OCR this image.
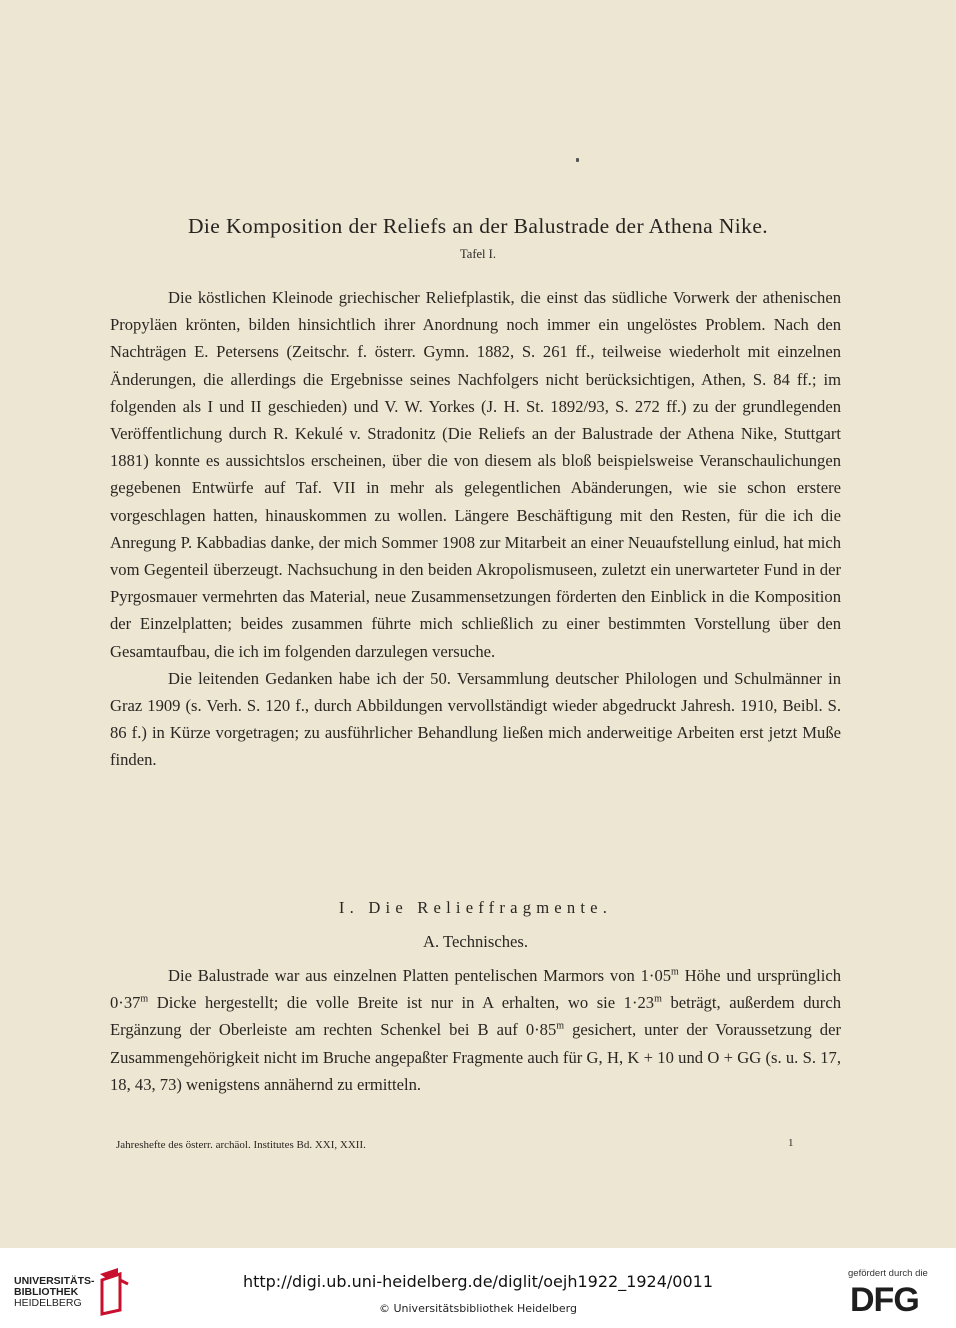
Die Komposition der Reliefs an der Balustrade der Athena Nike.
Tafel I.

Die köstlichen Kleinode griechischer Reliefplastik, die einst das südliche Vorwerk der athenischen Propyläen krönten, bilden hinsichtlich ihrer Anordnung noch immer ein ungelöstes Problem. Nach den Nachträgen E. Petersens (Zeitschr. f. österr. Gymn. 1882, S. 261 ff., teilweise wiederholt mit einzelnen Änderungen, die allerdings die Ergebnisse seines Nachfolgers nicht berücksichtigen, Athen, S. 84 ff.; im folgenden als I und II geschieden) und V. W. Yorkes (J. H. St. 1892/93, S. 272 ff.) zu der grundlegenden Veröffentlichung durch R. Kekulé v. Stradonitz (Die Reliefs an der Balustrade der Athena Nike, Stuttgart 1881) konnte es aussichtslos erscheinen, über die von diesem als bloß beispielsweise Veranschaulichungen gegebenen Entwürfe auf Taf. VII in mehr als gelegentlichen Abänderungen, wie sie schon erstere vorgeschlagen hatten, hinauskommen zu wollen. Längere Beschäftigung mit den Resten, für die ich die Anregung P. Kabbadias danke, der mich Sommer 1908 zur Mitarbeit an einer Neuaufstellung einlud, hat mich vom Gegenteil überzeugt. Nachsuchung in den beiden Akropolismuseen, zuletzt ein unerwarteter Fund in der Pyrgosmauer vermehrten das Material, neue Zusammensetzungen förderten den Einblick in die Komposition der Einzelplatten; beides zusammen führte mich schließlich zu einer bestimmten Vorstellung über den Gesamtaufbau, die ich im folgenden darzulegen versuche.

Die leitenden Gedanken habe ich der 50. Versammlung deutscher Philologen und Schulmänner in Graz 1909 (s. Verh. S. 120 f., durch Abbildungen vervollständigt wieder abgedruckt Jahresh. 1910, Beibl. S. 86 f.) in Kürze vorgetragen; zu ausführlicher Behandlung ließen mich anderweitige Arbeiten erst jetzt Muße finden.

I. Die Relieffragmente.
A. Technisches.

Die Balustrade war aus einzelnen Platten pentelischen Marmors von $1\cdot 05^m$ Höhe und ursprünglich $0\cdot 37^m$ Dicke hergestellt; die volle Breite ist nur in A erhalten, wo sie $1\cdot 23^m$ beträgt, außerdem durch Ergänzung der Oberleiste am rechten Schenkel bei B auf $0\cdot 85^m$ gesichert, unter der Voraussetzung der Zusammengehörigkeit nicht im Bruche angepaßter Fragmente auch für G, H, K + 10 und O + GG (s. u. S. 17, 18, 43, 73) wenigstens annähernd zu ermitteln.

Jahreshefte des österr. archäol. Institutes Bd. XXI, XXII.	1
UNIVERSITÄTS-
BIBLIOTHEK
HEIDELBERG
http://digi.ub.uni-heidelberg.de/diglit/oejh1922_1924/0011
© Universitätsbibliothek Heidelberg
gefördert durch die
DFG
